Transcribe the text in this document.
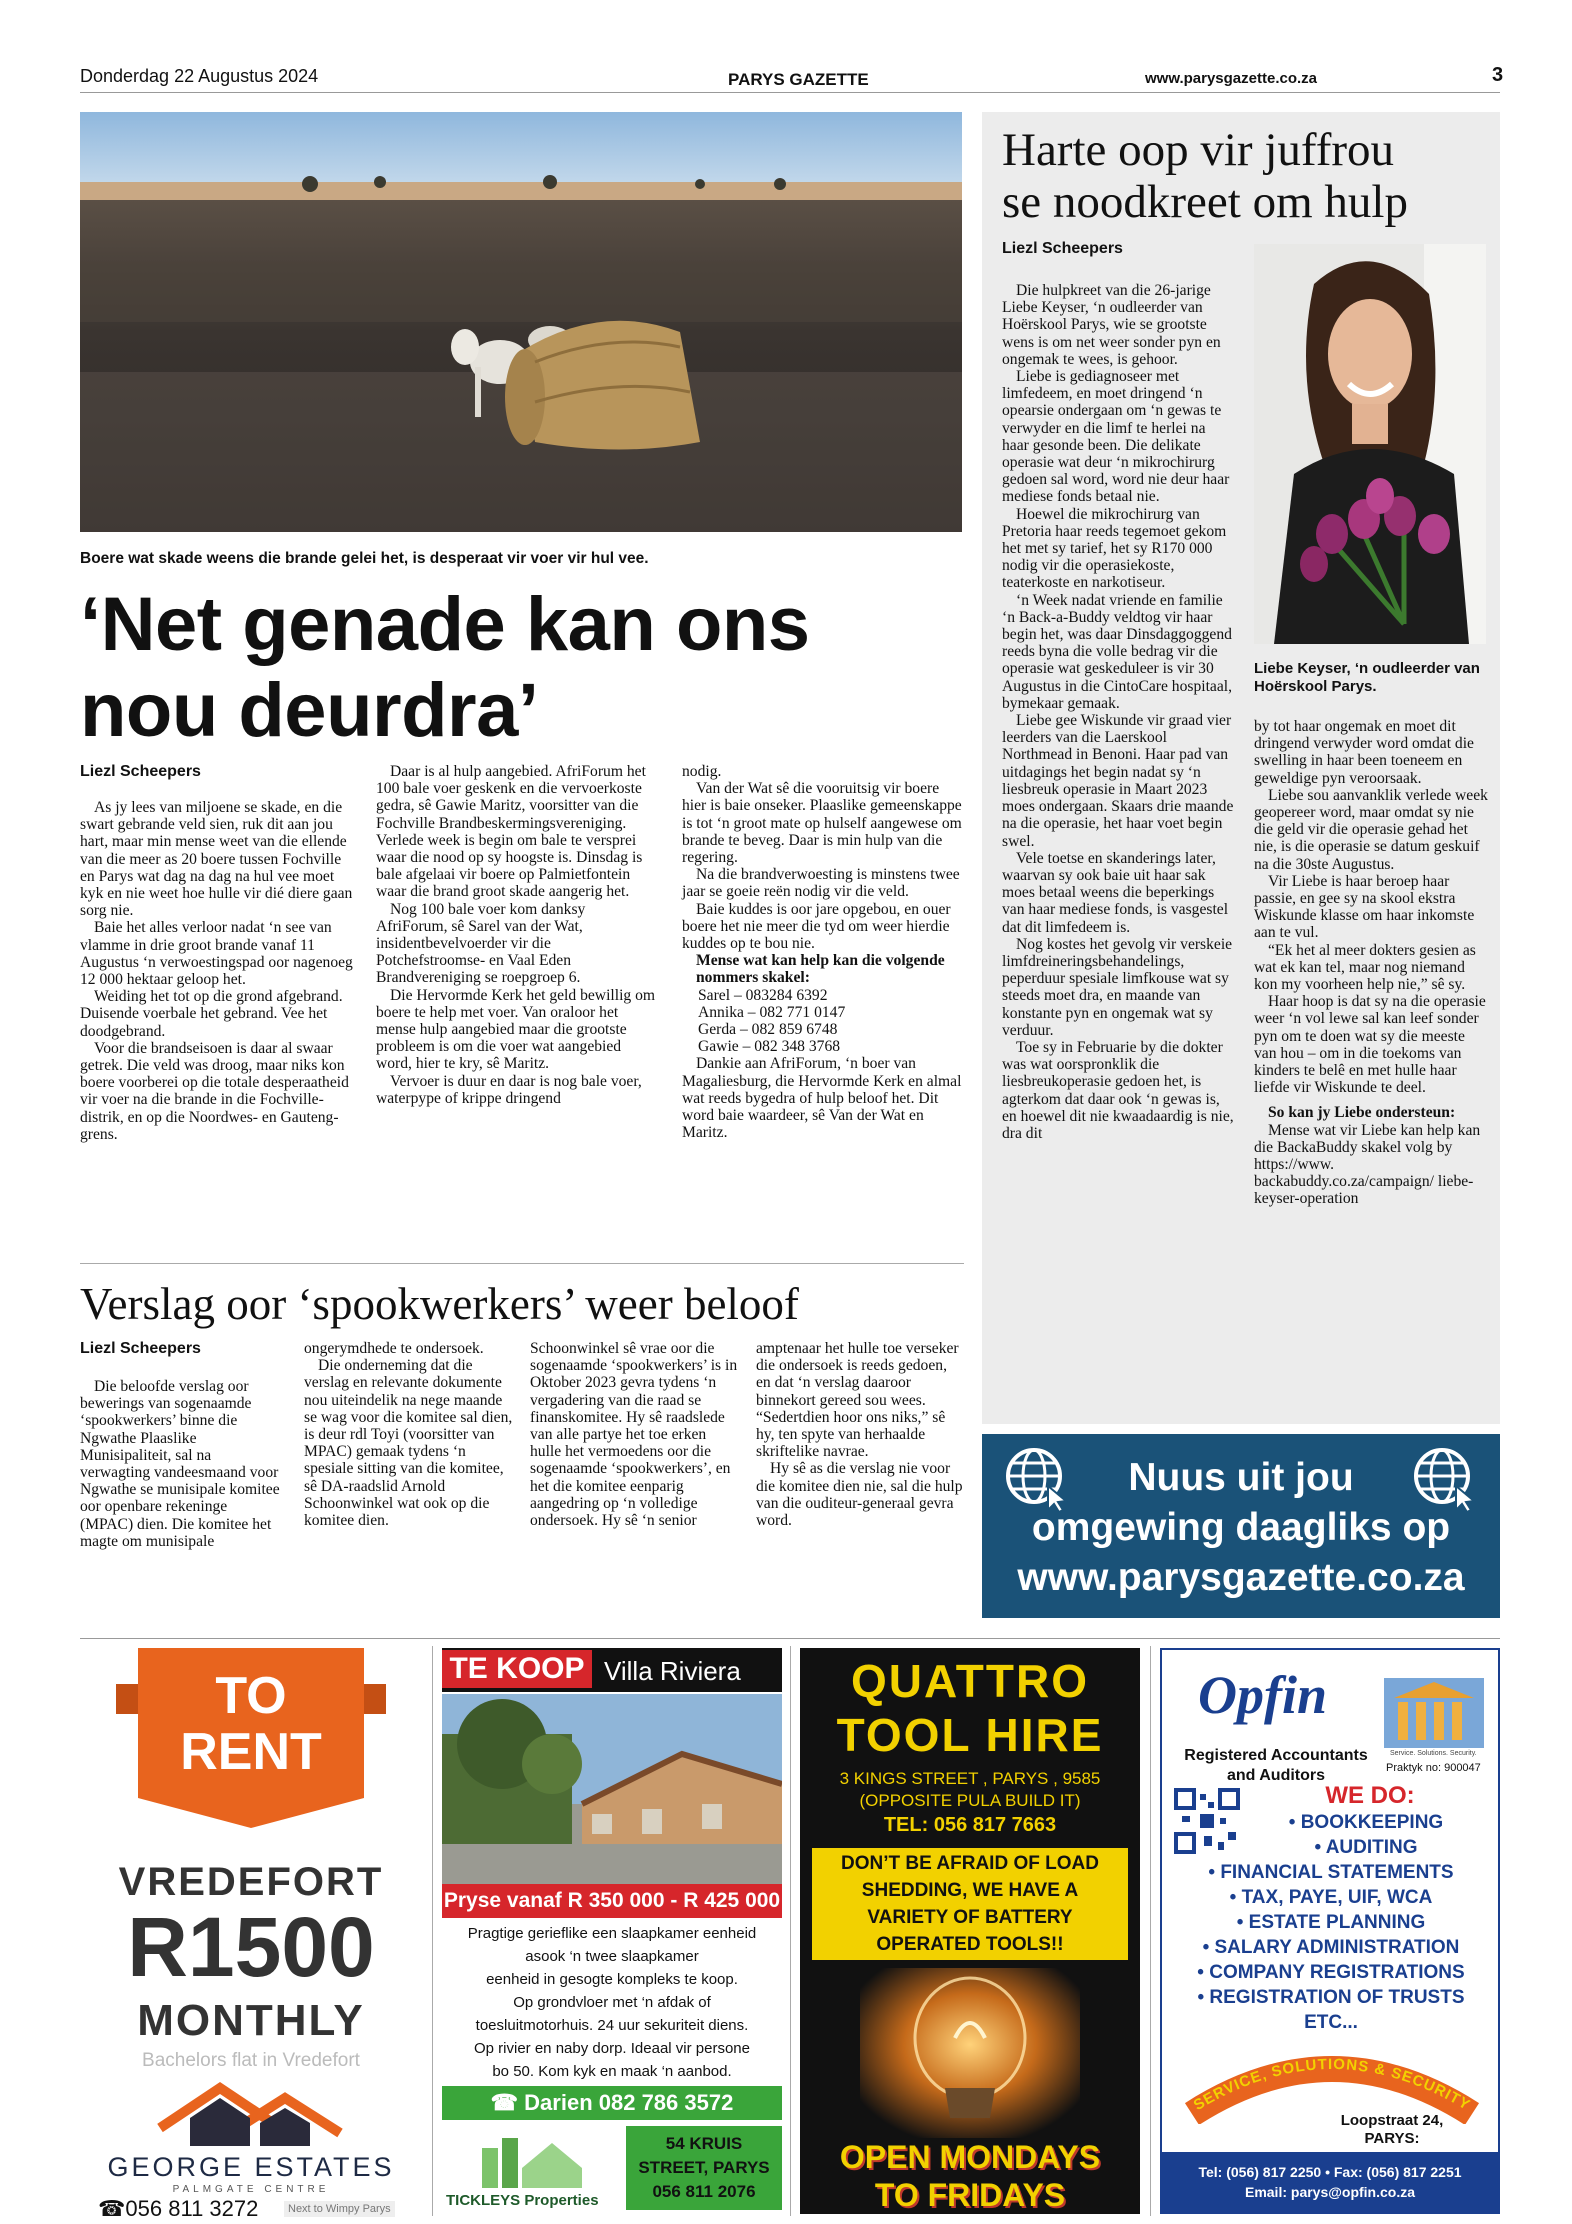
Donderdag 22 Augustus 2024	PARYS GAZETTE	www.parysgazette.co.za	3
Boere wat skade weens die brande gelei het, is desperaat vir voer vir hul vee.
‘Net genade kan ons
nou deurdra’
Liezl Scheepers

As jy lees van miljoene se skade, en die swart gebrande veld sien, ruk dit aan jou hart, maar min mense weet van die ellende van die meer as 20 boere tussen Fochville en Parys wat dag na dag na hul vee moet kyk en nie weet hoe hulle vir dié diere gaan sorg nie.

Baie het alles verloor nadat ‘n see van vlamme in drie groot brande vanaf 11 Augustus ‘n verwoestingspad oor nagenoeg 12 000 hektaar geloop het.

Weiding het tot op die grond afgebrand. Duisende voerbale het gebrand. Vee het doodgebrand.

Voor die brandseisoen is daar al swaar getrek. Die veld was droog, maar niks kon boere voorberei op die totale desperaatheid vir voer na die brande in die Fochville-distrik, en op die Noordwes- en Gauteng-grens.

Daar is al hulp aangebied. AfriForum het 100 bale voer geskenk en die vervoerkoste gedra, sê Gawie Maritz, voorsitter van die Fochville Brandbeskermingsvereniging. Verlede week is begin om bale te versprei waar die nood op sy hoogste is. Dinsdag is bale afgelaai vir boere op Palmietfontein waar die brand groot skade aangerig het.

Nog 100 bale voer kom danksy AfriForum, sê Sarel van der Wat, insidentbevelvoerder vir die Potchefstroomse- en Vaal Eden Brandvereniging se roepgroep 6.

Die Hervormde Kerk het geld bewillig om boere te help met voer. Van oraloor het mense hulp aangebied maar die grootste probleem is om die voer wat aangebied word, hier te kry, sê Maritz.

Vervoer is duur en daar is nog bale voer, waterpype of krippe dringend

nodig.

Van der Wat sê die vooruitsig vir boere hier is baie onseker. Plaaslike gemeenskappe is tot ‘n groot mate op hulself aangewese om brande te beveg. Daar is min hulp van die regering.

Na die brandverwoesting is minstens twee jaar se goeie reën nodig vir die veld.

Baie kuddes is oor jare opgebou, en ouer boere het nie meer die tyd om weer hierdie kuddes op te bou nie.

Mense wat kan help kan die volgende nommers skakel:

Sarel – 083284 6392

Annika – 082 771 0147

Gerda – 082 859 6748

Gawie – 082 348 3768

Dankie aan AfriForum, ‘n boer van Magaliesburg, die Hervormde Kerk en almal wat reeds bygedra of hulp beloof het. Dit word baie waardeer, sê Van der Wat en Maritz.

Verslag oor ‘spookwerkers’ weer beloof
Liezl Scheepers

Die beloofde verslag oor bewerings van sogenaamde ‘spookwerkers’ binne die Ngwathe Plaaslike Munisipaliteit, sal na verwagting vandeesmaand voor Ngwathe se munisipale komitee oor openbare rekeninge (MPAC) dien. Die komitee het magte om munisipale

ongerymdhede te ondersoek.

Die onderneming dat die verslag en relevante dokumente nou uiteindelik na nege maande se wag voor die komitee sal dien, is deur rdl Toyi (voorsitter van MPAC) gemaak tydens ‘n spesiale sitting van die komitee, sê DA-raadslid Arnold Schoonwinkel wat ook op die komitee dien.

Schoonwinkel sê vrae oor die sogenaamde ‘spookwerkers’ is in Oktober 2023 gevra tydens ‘n vergadering van die raad se finanskomitee. Hy sê raadslede van alle partye het toe erken hulle het vermoedens oor die sogenaamde ‘spookwerkers’, en het die komitee eenparig aangedring op ‘n volledige ondersoek. Hy sê ‘n senior

amptenaar het hulle toe verseker die ondersoek is reeds gedoen, en dat ‘n verslag daaroor binnekort gereed sou wees. “Sedertdien hoor ons niks,” sê hy, ten spyte van herhaalde skriftelike navrae.

Hy sê as die verslag nie voor die komitee dien nie, sal die hulp van die ouditeur-generaal gevra word.

Harte oop vir juffrou
se noodkreet om hulp
Liezl Scheepers
Liebe Keyser, ‘n oudleerder van Hoërskool Parys.

Die hulpkreet van die 26-jarige Liebe Keyser, ‘n oudleerder van Hoërskool Parys, wie se grootste wens is om net weer sonder pyn en ongemak te wees, is gehoor.

Liebe is gediagnoseer met limfedeem, en moet dringend ‘n opearsie ondergaan om ‘n gewas te verwyder en die limf te herlei na haar gesonde been. Die delikate operasie wat deur ‘n mikrochirurg gedoen sal word, word nie deur haar mediese fonds betaal nie.

Hoewel die mikrochirurg van Pretoria haar reeds tegemoet gekom het met sy tarief, het sy R170 000 nodig vir die operasiekoste, teaterkoste en narkotiseur.

‘n Week nadat vriende en familie ‘n Back-a-Buddy veldtog vir haar begin het, was daar Dinsdaggoggend reeds byna die volle bedrag vir die operasie wat geskeduleer is vir 30 Augustus in die CintoCare hospitaal, bymekaar gemaak.

Liebe gee Wiskunde vir graad vier leerders van die Laerskool Northmead in Benoni. Haar pad van uitdagings het begin nadat sy ‘n liesbreuk operasie in Maart 2023 moes ondergaan. Skaars drie maande na die operasie, het haar voet begin swel.

Vele toetse en skanderings later, waarvan sy ook baie uit haar sak moes betaal weens die beperkings van haar mediese fonds, is vasgestel dat dit limfedeem is.

Nog kostes het gevolg vir verskeie limfdreineringsbehandelings, peperduur spesiale limfkouse wat sy steeds moet dra, en maande van konstante pyn en ongemak wat sy verduur.

Toe sy in Februarie by die dokter was wat oorspronklik die liesbreukoperasie gedoen het, is agterkom dat daar ook ‘n gewas is, en hoewel dit nie kwaadaardig is nie, dra dit

by tot haar ongemak en moet dit dringend verwyder word omdat die swelling in haar been toeneem en geweldige pyn veroorsaak.

Liebe sou aanvanklik verlede week geopereer word, maar omdat sy nie die geld vir die operasie gehad het nie, is die operasie se datum geskuif na die 30ste Augustus.

Vir Liebe is haar beroep haar passie, en gee sy na skool ekstra Wiskunde klasse om haar inkomste aan te vul.

“Ek het al meer dokters gesien as wat ek kan tel, maar nog niemand kon my voorheen help nie,” sê sy.

Haar hoop is dat sy na die operasie weer ‘n vol lewe sal kan leef sonder pyn om te doen wat sy die meeste van hou – om in die toekoms van kinders te belê en met hulle haar liefde vir Wiskunde te deel.

So kan jy Liebe ondersteun:

Mense wat vir Liebe kan help kan die BackaBuddy skakel volg by https://www. backabuddy.co.za/campaign/ liebe-keyser-operation

Nuus uit jou
omgewing daagliks op
www.parysgazette.co.za
TO
RENT
VREDEFORT
R1500
MONTHLY
Bachelors flat in Vredefort
GEORGE ESTATES
PALMGATE CENTRE
☎056 811 3272	Next to Wimpy Parys
TE KOOP Villa Riviera
Pryse vanaf R 350 000 - R 425 000
Pragtige gerieflike een slaapkamer eenheid
asook ‘n twee slaapkamer
eenheid in gesogte kompleks te koop.
Op grondvloer met ‘n afdak of
toesluitmotorhuis. 24 uur sekuriteit diens.
Op rivier en naby dorp. Ideaal vir persone
bo 50. Kom kyk en maak ‘n aanbod.
☎ Darien 082 786 3572
TICKLEYS Properties
54 KRUIS
STREET, PARYS
056 811 2076
QUATTRO
TOOL HIRE
3 KINGS STREET , PARYS , 9585
(OPPOSITE PULA BUILD IT)
TEL: 056 817 7663
DON’T BE AFRAID OF LOAD
SHEDDING, WE HAVE A
VARIETY OF BATTERY
OPERATED TOOLS!!
OPEN MONDAYS
TO FRIDAYS
Opfin
Registered Accountants
and Auditors
Service. Solutions. Security.
Praktyk no: 900047
WE DO:
• BOOKKEEPING
• AUDITING
• FINANCIAL STATEMENTS
• TAX, PAYE, UIF, WCA
• ESTATE PLANNING
• SALARY ADMINISTRATION
• COMPANY REGISTRATIONS
• REGISTRATION OF TRUSTS
ETC...
SERVICE, SOLUTIONS & SECURITY
Loopstraat 24,
PARYS:
Tel: (056) 817 2250 • Fax: (056) 817 2251
Email: parys@opfin.co.za
